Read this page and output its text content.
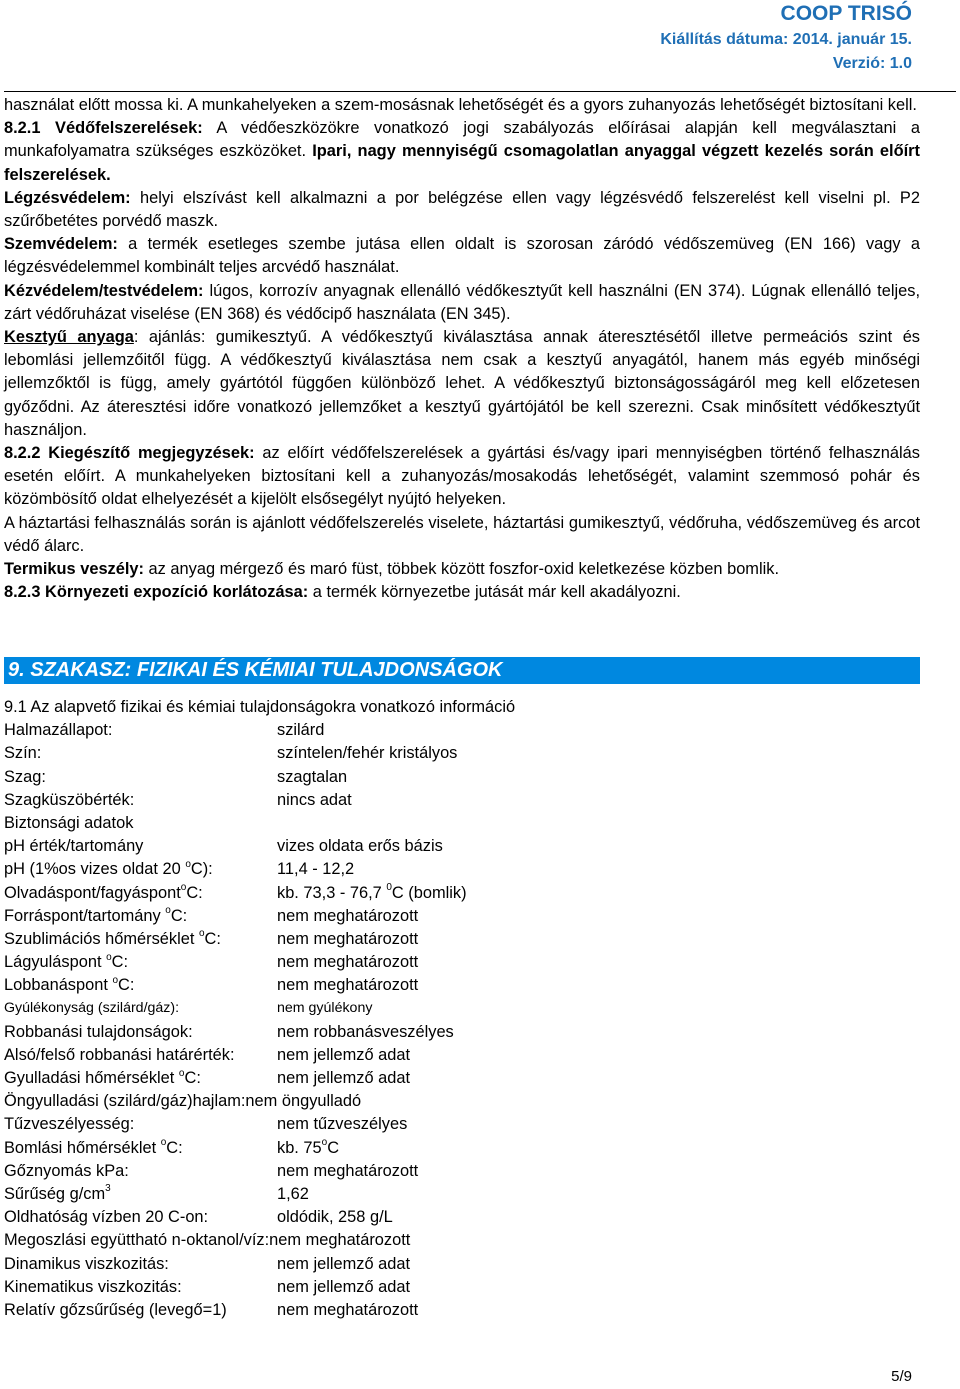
COOP TRISÓ
Kiállítás dátuma: 2014. január 15.
Verzió: 1.0

használat előtt mossa ki. A munkahelyeken a szem-mosásnak lehetőségét és a gyors zuhanyozás lehetőségét biztosítani kell.

8.2.1 Védőfelszerelések: A védőeszközökre vonatkozó jogi szabályozás előírásai alapján kell megválasztani a munkafolyamatra szükséges eszközöket. Ipari, nagy mennyiségű csomagolatlan anyaggal végzett kezelés során előírt felszerelések.

Légzésvédelem: helyi elszívást kell alkalmazni a por belégzése ellen vagy légzésvédő felszerelést kell viselni pl. P2 szűrőbetétes porvédő maszk.

Szemvédelem: a termék esetleges szembe jutása ellen oldalt is szorosan záródó védőszemüveg (EN 166) vagy a légzésvédelemmel kombinált teljes arcvédő használat.

Kézvédelem/testvédelem: lúgos, korrozív anyagnak ellenálló védőkesztyűt kell használni (EN 374). Lúgnak ellenálló teljes, zárt védőruházat viselése (EN 368) és védőcipő használata (EN 345).

Kesztyű anyaga: ajánlás: gumikesztyű. A védőkesztyű kiválasztása annak áteresztésétől illetve permeációs szint és lebomlási jellemzőitől függ. A védőkesztyű kiválasztása nem csak a kesztyű anyagától, hanem más egyéb minőségi jellemzőktől is függ, amely gyártótól függően különböző lehet. A védőkesztyű biztonságosságáról meg kell előzetesen győződni. Az áteresztési időre vonatkozó jellemzőket a kesztyű gyártójától be kell szerezni. Csak minősített védőkesztyűt használjon.

8.2.2 Kiegészítő megjegyzések: az előírt védőfelszerelések a gyártási és/vagy ipari mennyiségben történő felhasználás esetén előírt. A munkahelyeken biztosítani kell a zuhanyozás/mosakodás lehetőségét, valamint szemmosó pohár és közömbösítő oldat elhelyezését a kijelölt elsősegélyt nyújtó helyeken.

A háztartási felhasználás során is ajánlott védőfelszerelés viselete, háztartási gumikesztyű, védőruha, védőszemüveg és arcot védő álarc.

Termikus veszély: az anyag mérgező és maró füst, többek között foszfor-oxid keletkezése közben bomlik.

8.2.3 Környezeti expozíció korlátozása: a termék környezetbe jutását már kell akadályozni.

9. SZAKASZ: FIZIKAI ÉS KÉMIAI TULAJDONSÁGOK
9.1 Az alapvető fizikai és kémiai tulajdonságokra vonatkozó információ
Halmazállapot:	szilárd
Szín:	színtelen/fehér kristályos
Szag:	szagtalan
Szagküszöbérték:	nincs adat
Biztonsági adatok
pH érték/tartomány	vizes oldata erős bázis
pH (1%os vizes oldat 20 $^o$C):	11,4 - 12,2
Olvadáspont/fagyáspont$^o$C:	kb. 73,3 - 76,7 $^0$C (bomlik)
Forráspont/tartomány $^o$C:	nem meghatározott
Szublimációs hőmérséklet $^o$C:	nem meghatározott
Lágyuláspont $^o$C:	nem meghatározott
Lobbanáspont $^o$C:	nem meghatározott
Gyúlékonyság (szilárd/gáz):	nem gyúlékony
Robbanási tulajdonságok:	nem robbanásveszélyes
Alsó/felső robbanási határérték:	nem jellemző adat
Gyulladási hőmérséklet $^o$C:	nem jellemző adat
Öngyulladási (szilárd/gáz)hajlam: nem öngyulladó
Tűzveszélyesség:	nem tűzveszélyes
Bomlási hőmérséklet $^o$C:	kb. 75$^o$C
Gőznyomás kPa:	nem meghatározott
Sűrűség $g/cm^3$	1,62
Oldhatóság vízben 20 C-on:	oldódik, 258 g/L
Megoszlási együttható n-oktanol/víz: nem meghatározott
Dinamikus viszkozitás:	nem jellemző adat
Kinematikus viszkozitás:	nem jellemző adat
Relatív gőzsűrűség (levegő=1)	nem meghatározott
5/9
